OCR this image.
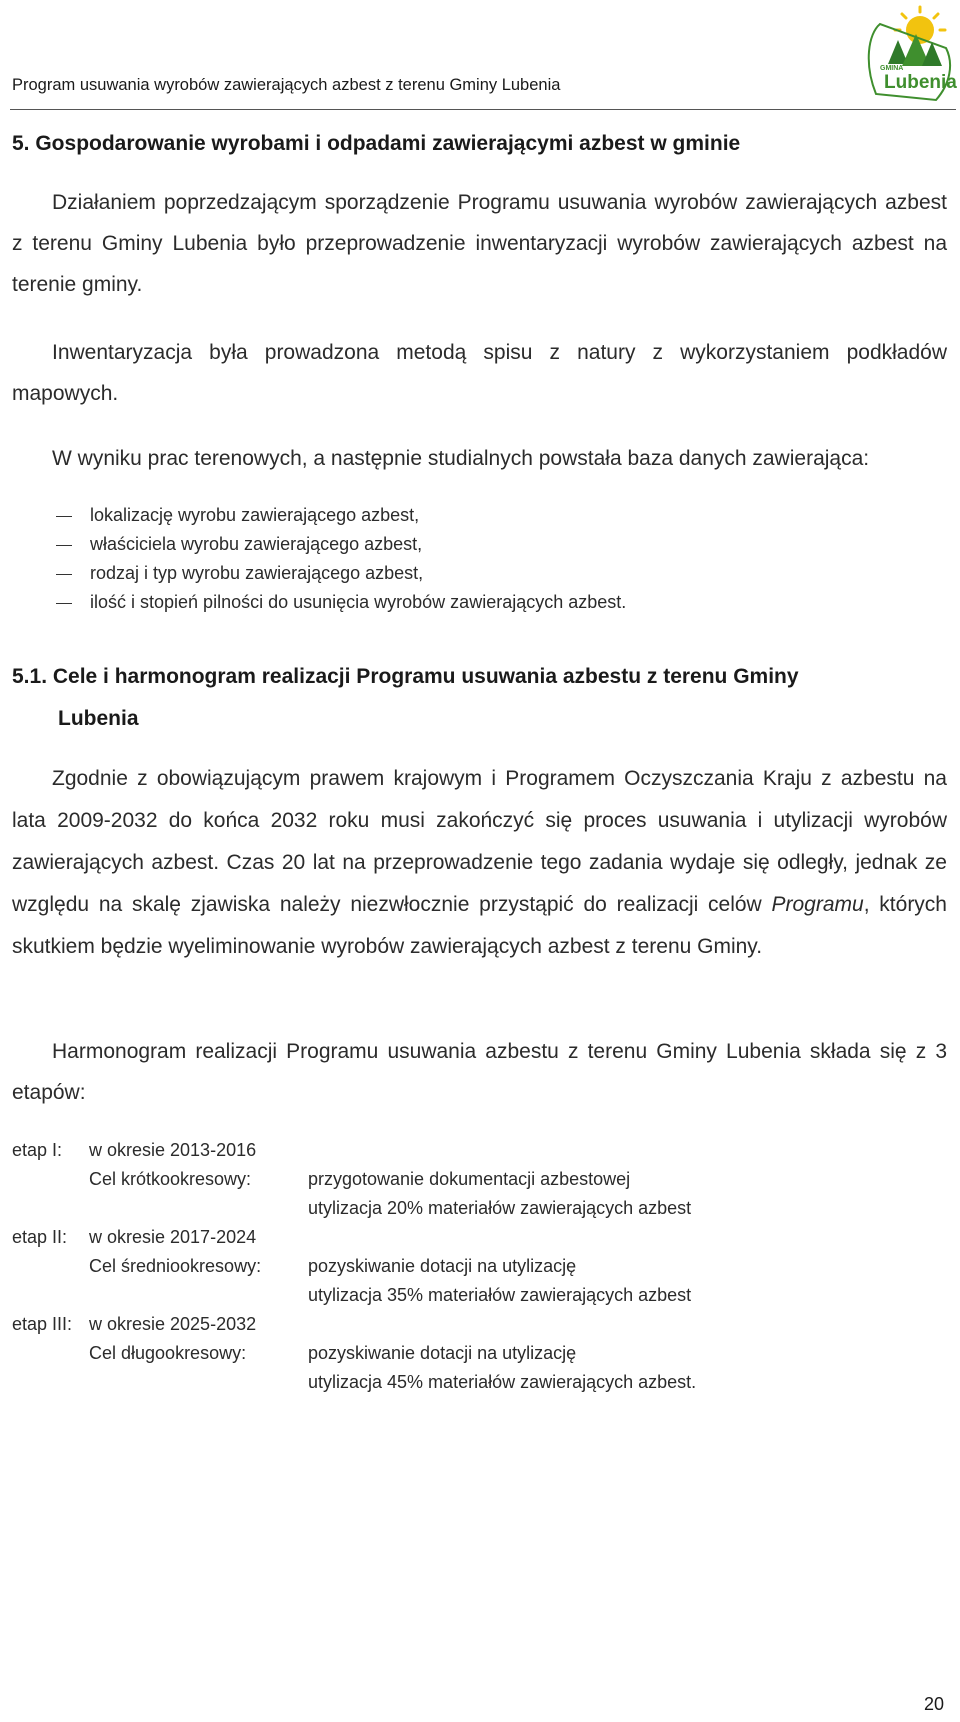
Program usuwania wyrobów zawierających azbest z terenu Gminy Lubenia
GMINA
Lubenia
5. Gospodarowanie wyrobami i odpadami zawierającymi azbest w gminie
Działaniem poprzedzającym sporządzenie Programu usuwania wyrobów zawierających azbest z terenu Gminy Lubenia było przeprowadzenie inwentaryzacji wyrobów zawierających azbest na terenie gminy.
Inwentaryzacja była prowadzona metodą spisu z natury z wykorzystaniem podkładów mapowych.
W wyniku prac terenowych, a następnie studialnych powstała baza danych zawierająca:
lokalizację wyrobu zawierającego azbest,
właściciela wyrobu zawierającego azbest,
rodzaj i typ wyrobu zawierającego azbest,
ilość i stopień pilności do usunięcia wyrobów zawierających azbest.
5.1. Cele i harmonogram realizacji Programu usuwania azbestu z terenu Gminy
Lubenia
Zgodnie z obowiązującym prawem krajowym i Programem Oczyszczania Kraju z azbestu na lata 2009-2032 do końca 2032 roku musi zakończyć się proces usuwania i utylizacji wyrobów zawierających azbest. Czas 20 lat na przeprowadzenie tego zadania wydaje się odległy, jednak ze względu na skalę zjawiska należy niezwłocznie przystąpić do realizacji celów Programu, których skutkiem będzie wyeliminowanie wyrobów zawierających azbest z terenu Gminy.
Harmonogram realizacji Programu usuwania azbestu z terenu Gminy Lubenia składa się z 3 etapów:
etap I: w okresie 2013-2016
Cel krótkookresowy:	przygotowanie dokumentacji azbestowej
utylizacja 20% materiałów zawierających azbest
etap II: w okresie 2017-2024
Cel średniookresowy:	pozyskiwanie dotacji na utylizację
utylizacja 35% materiałów zawierających azbest
etap III: w okresie 2025-2032
Cel długookresowy:	pozyskiwanie dotacji na utylizację
utylizacja 45% materiałów zawierających azbest.
20
